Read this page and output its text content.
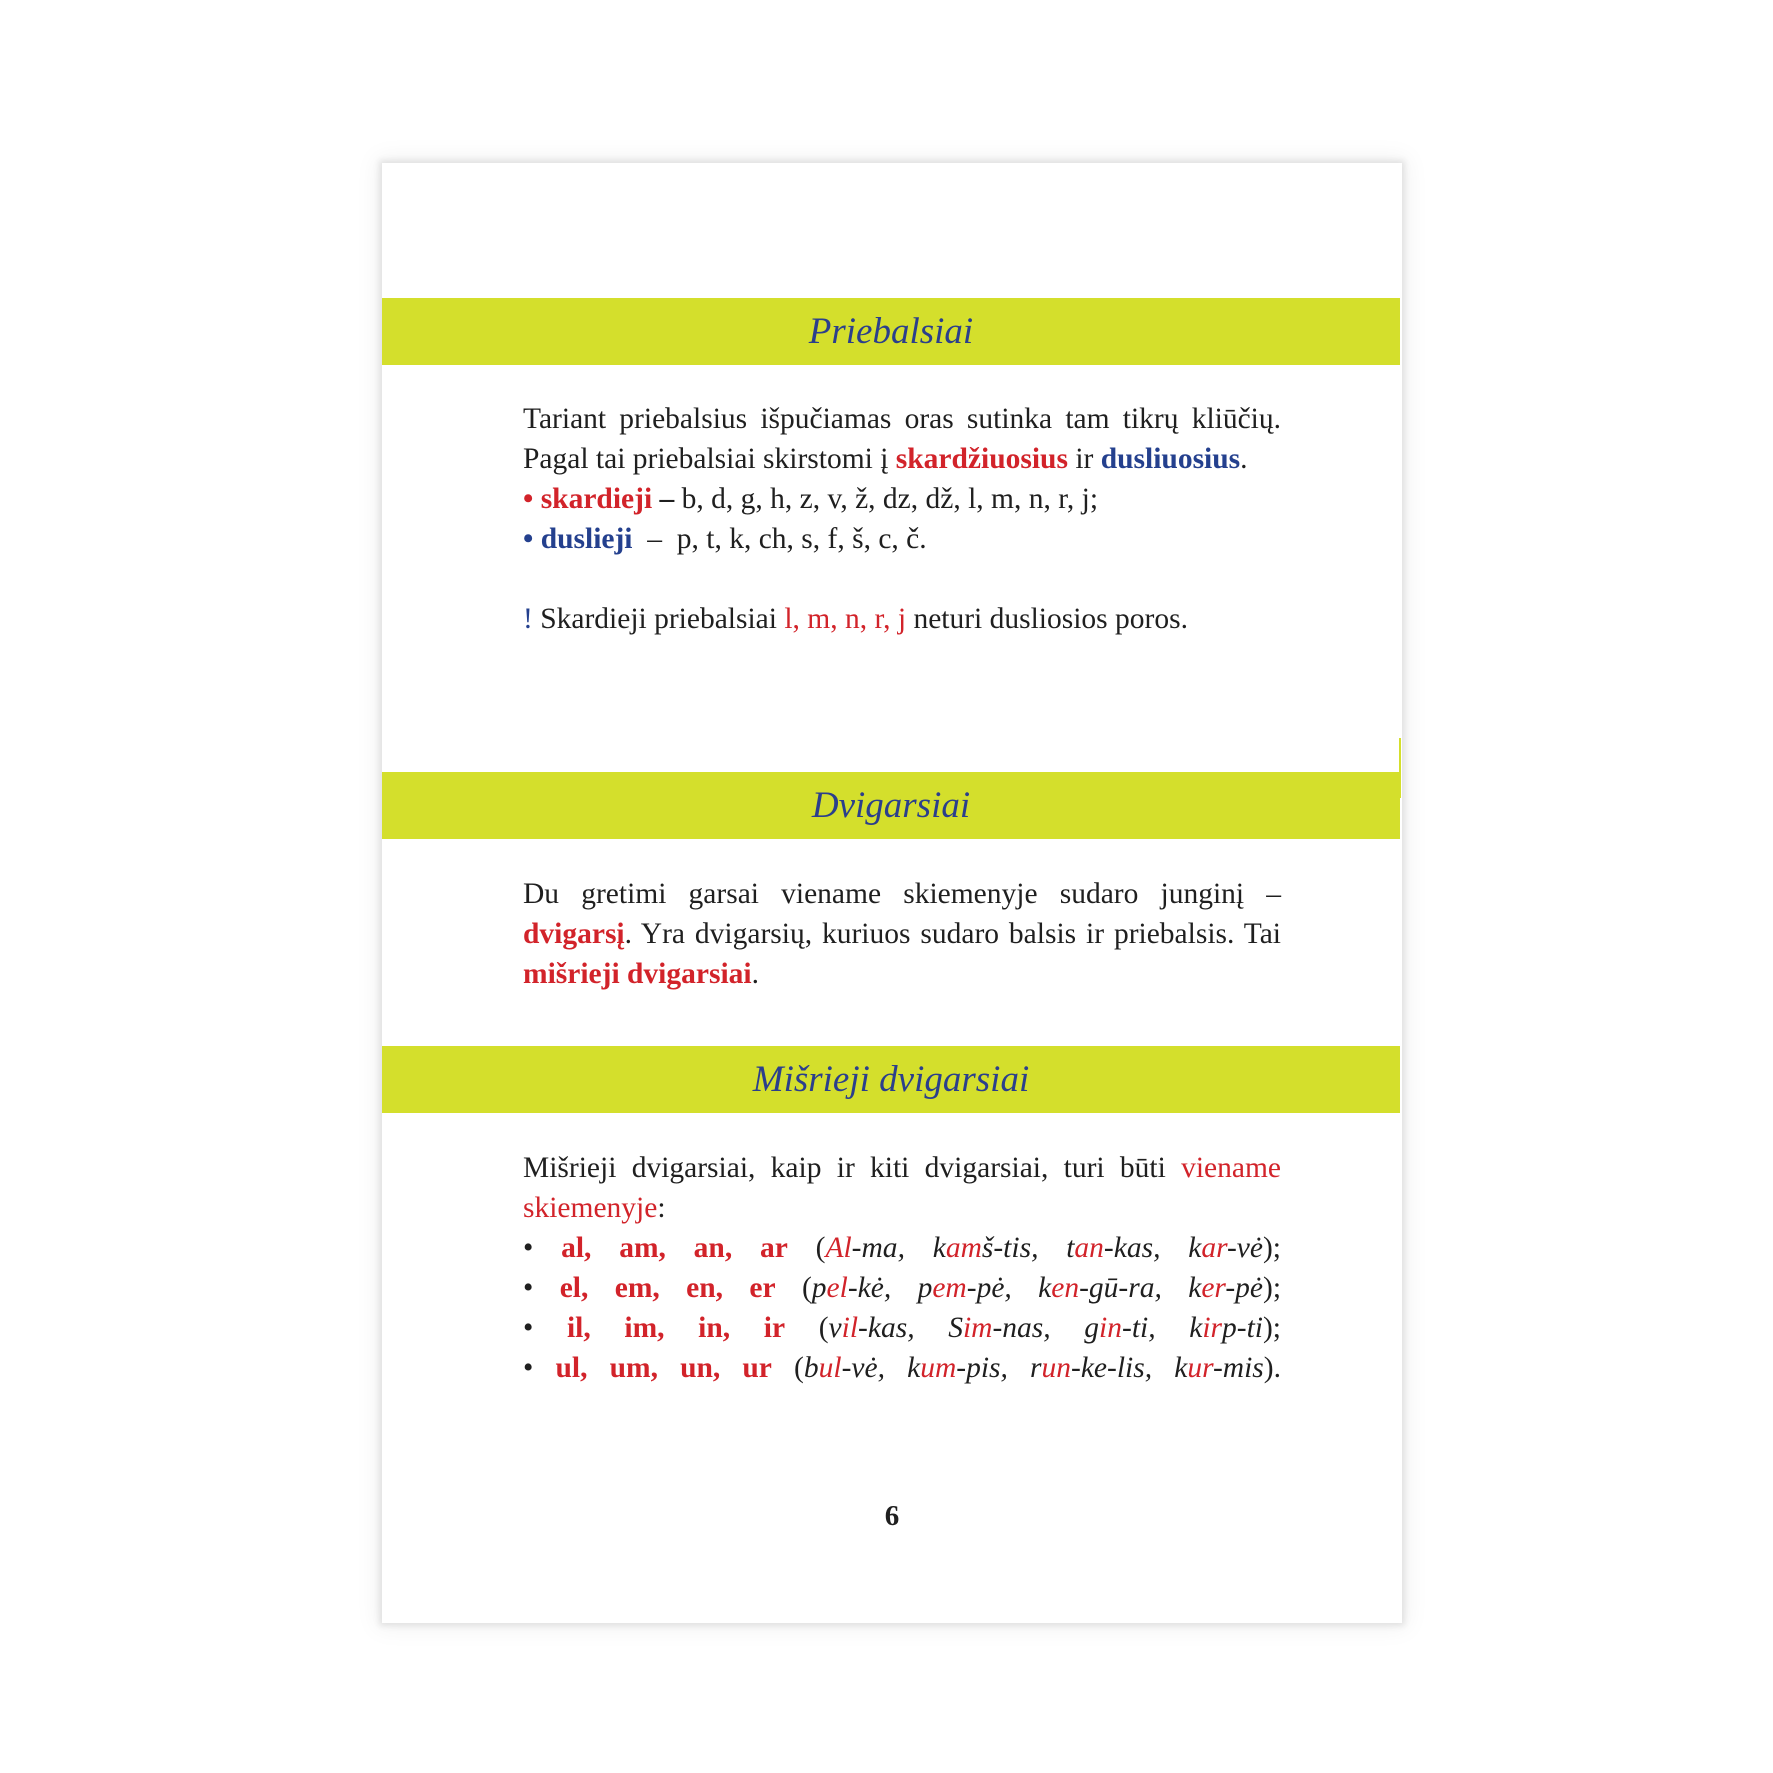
Priebalsiai

Tariant priebalsius išpučiamas oras sutinka tam tikrų kliūčių. Pagal tai priebalsiai skirstomi į skardžiuosius ir dusliuosius.

• skardieji – b, d, g, h, z, v, ž, dz, dž, l, m, n, r, j;
• duslieji – p, t, k, ch, s, f, š, c, č.

! Skardieji priebalsiai l, m, n, r, j neturi dusliosios poros.

Dvigarsiai

Du gretimi garsai viename skiemenyje sudaro junginį – dvigarsį. Yra dvigarsių, kuriuos sudaro balsis ir priebalsis. Tai mišrieji dvigarsiai.

Mišrieji dvigarsiai

Mišrieji dvigarsiai, kaip ir kiti dvigarsiai, turi būti viename skiemenyje:

• al, am, an, ar (Al-ma, kamš-tis, tan-kas, kar-vė);
• el, em, en, er (pel-kė, pem-pė, ken-gū-ra, ker-pė);
• il, im, in, ir (vil-kas, Sim-nas, gin-ti, kirp-ti);
• ul, um, un, ur (bul-vė, kum-pis, run-ke-lis, kur-mis).
6
